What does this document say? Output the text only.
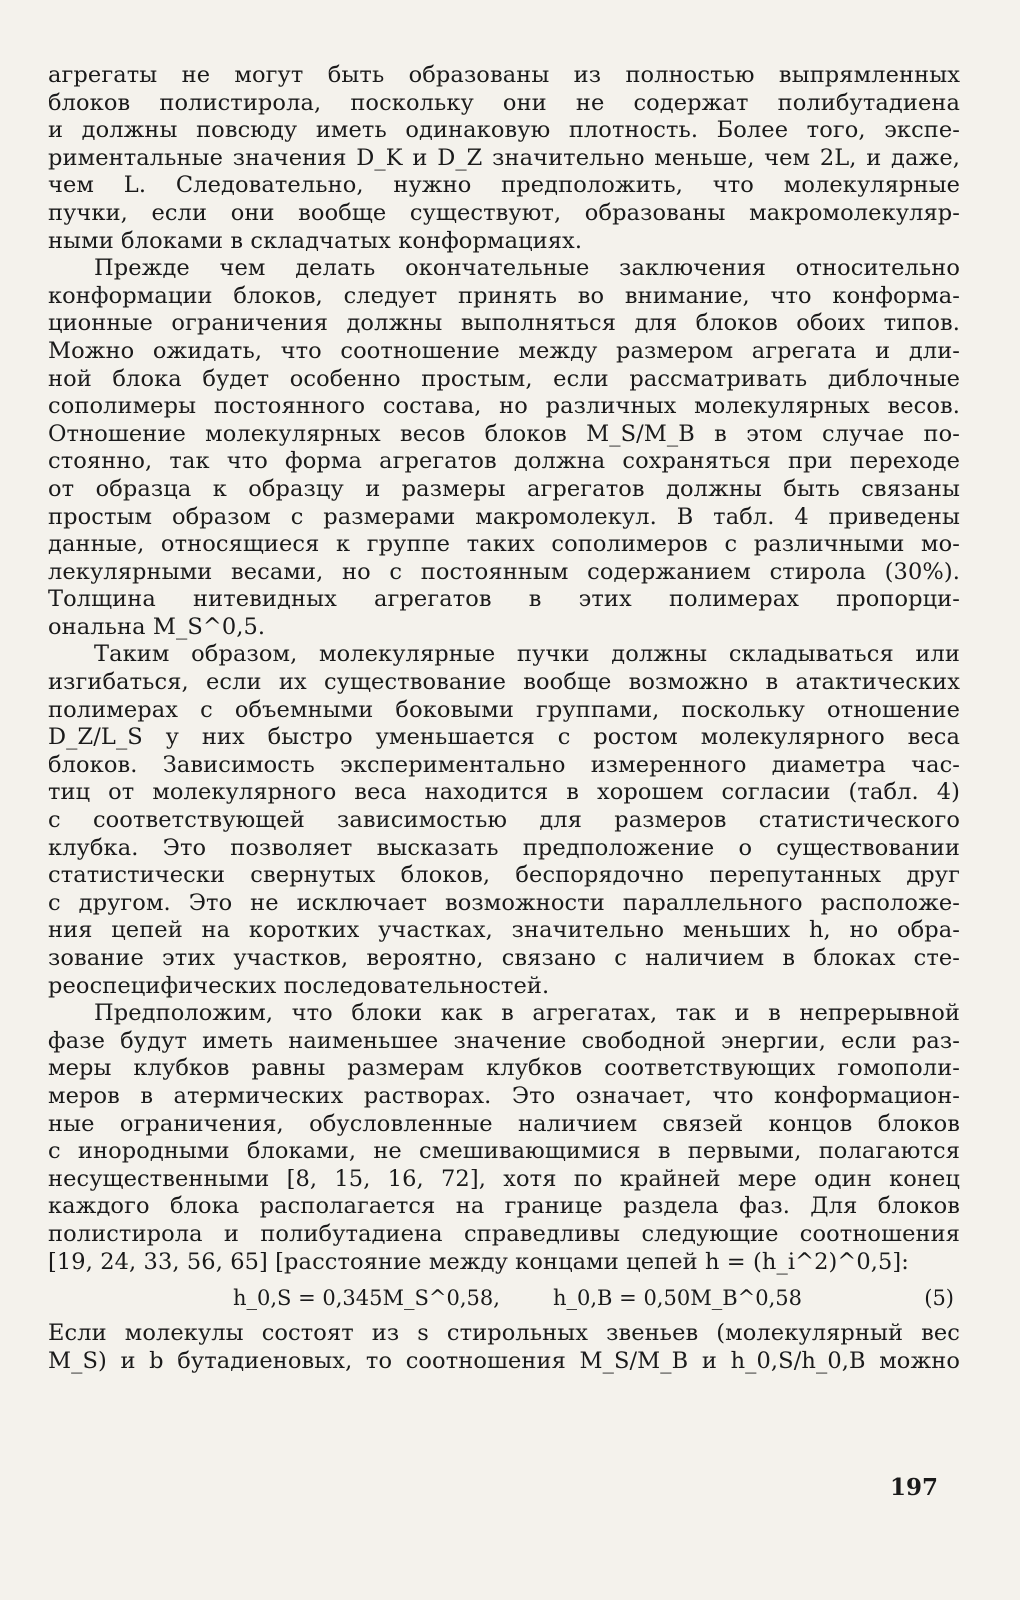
агрегаты не могут быть образованы из полностью выпрямленных
блоков полистирола, поскольку они не содержат полибутадиена
и должны повсюду иметь одинаковую плотность. Более того, экспе-
риментальные значения D_K и D_Z значительно меньше, чем 2L, и даже,
чем L. Следовательно, нужно предположить, что молекулярные
пучки, если они вообще существуют, образованы макромолекуляр-
ными блоками в складчатых конформациях.
Прежде чем делать окончательные заключения относительно
конформации блоков, следует принять во внимание, что конформа-
ционные ограничения должны выполняться для блоков обоих типов.
Можно ожидать, что соотношение между размером агрегата и дли-
ной блока будет особенно простым, если рассматривать диблочные
сополимеры постоянного состава, но различных молекулярных весов.
Отношение молекулярных весов блоков M_S/M_B в этом случае по-
стоянно, так что форма агрегатов должна сохраняться при переходе
от образца к образцу и размеры агрегатов должны быть связаны
простым образом с размерами макромолекул. В табл. 4 приведены
данные, относящиеся к группе таких сополимеров с различными мо-
лекулярными весами, но с постоянным содержанием стирола (30%).
Толщина нитевидных агрегатов в этих полимерах пропорци-
ональна M_S^0,5.
Таким образом, молекулярные пучки должны складываться или
изгибаться, если их существование вообще возможно в атактических
полимерах с объемными боковыми группами, поскольку отношение
D_Z/L_S у них быстро уменьшается с ростом молекулярного веса
блоков. Зависимость экспериментально измеренного диаметра час-
тиц от молекулярного веса находится в хорошем согласии (табл. 4)
с соответствующей зависимостью для размеров статистического
клубка. Это позволяет высказать предположение о существовании
статистически свернутых блоков, беспорядочно перепутанных друг
с другом. Это не исключает возможности параллельного расположе-
ния цепей на коротких участках, значительно меньших h, но обра-
зование этих участков, вероятно, связано с наличием в блоках сте-
реоспецифических последовательностей.
Предположим, что блоки как в агрегатах, так и в непрерывной
фазе будут иметь наименьшее значение свободной энергии, если раз-
меры клубков равны размерам клубков соответствующих гомополи-
меров в атермических растворах. Это означает, что конформацион-
ные ограничения, обусловленные наличием связей концов блоков
с инородными блоками, не смешивающимися в первыми, полагаются
несущественными [8, 15, 16, 72], хотя по крайней мере один конец
каждого блока располагается на границе раздела фаз. Для блоков
полистирола и полибутадиена справедливы следующие соотношения
[19, 24, 33, 56, 65] [расстояние между концами цепей h = (h_i^2)^0,5]:
h_0,S = 0,345M_S^0,58,	h_0,B = 0,50M_B^0,58	(5)
Если молекулы состоят из s стирольных звеньев (молекулярный вес
M_S) и b бутадиеновых, то соотношения M_S/M_B и h_0,S/h_0,B можно
197
